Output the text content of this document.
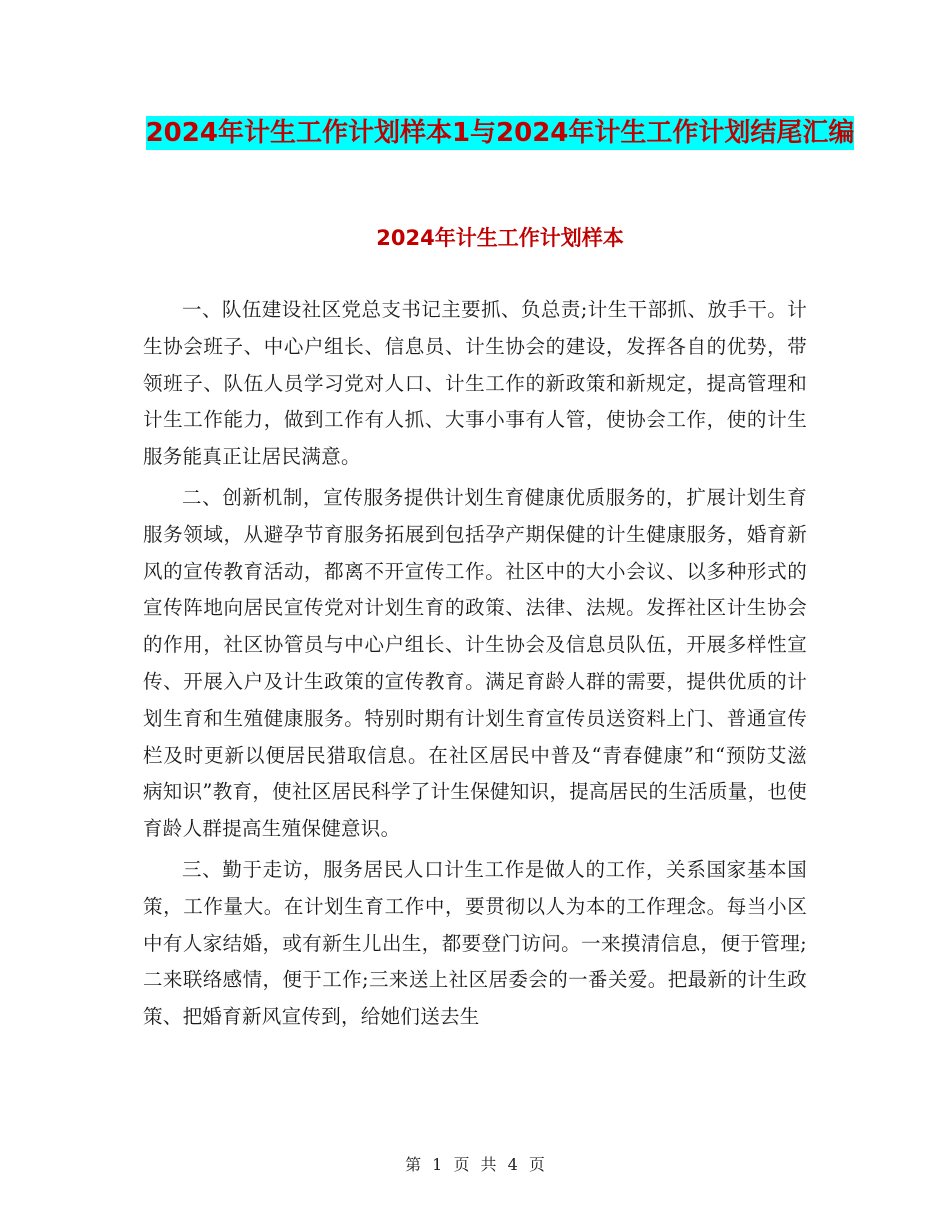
2024年计生工作计划样本1与2024年计生工作计划结尾汇编
2024年计生工作计划样本

一、队伍建设社区党总支书记主要抓、负总责;计生干部抓、放手干。计生协会班子、中心户组长、信息员、计生协会的建设，发挥各自的优势，带领班子、队伍人员学习党对人口、计生工作的新政策和新规定，提高管理和计生工作能力，做到工作有人抓、大事小事有人管，使协会工作，使的计生服务能真正让居民满意。

二、创新机制，宣传服务提供计划生育健康优质服务的，扩展计划生育服务领域，从避孕节育服务拓展到包括孕产期保健的计生健康服务，婚育新风的宣传教育活动，都离不开宣传工作。社区中的大小会议、以多种形式的宣传阵地向居民宣传党对计划生育的政策、法律、法规。发挥社区计生协会的作用，社区协管员与中心户组长、计生协会及信息员队伍，开展多样性宣传、开展入户及计生政策的宣传教育。满足育龄人群的需要，提供优质的计划生育和生殖健康服务。特别时期有计划生育宣传员送资料上门、普通宣传栏及时更新以便居民猎取信息。在社区居民中普及“青春健康”和“预防艾滋病知识”教育，使社区居民科学了计生保健知识，提高居民的生活质量，也使育龄人群提高生殖保健意识。

三、勤于走访，服务居民人口计生工作是做人的工作，关系国家基本国策，工作量大。在计划生育工作中，要贯彻以人为本的工作理念。每当小区中有人家结婚，或有新生儿出生，都要登门访问。一来摸清信息，便于管理;二来联络感情，便于工作;三来送上社区居委会的一番关爱。把最新的计生政策、把婚育新风宣传到，给她们送去生

第 1 页 共 4 页
